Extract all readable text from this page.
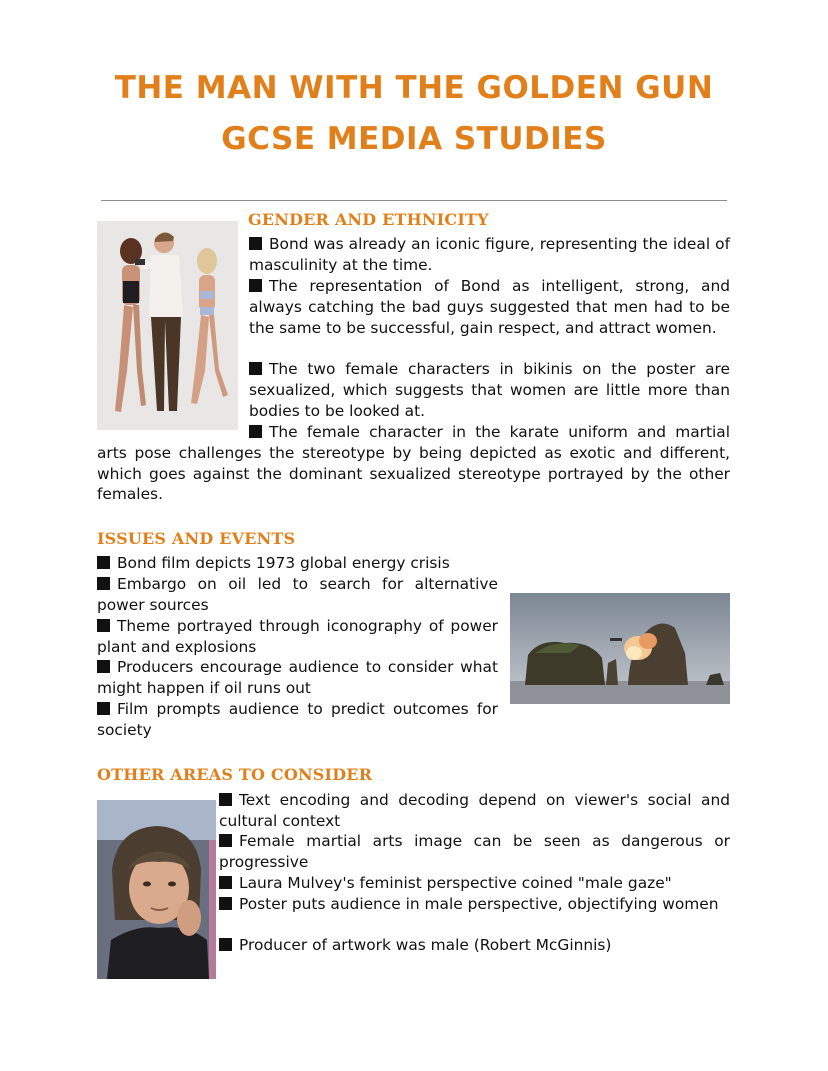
THE MAN WITH THE GOLDEN GUN
GCSE MEDIA STUDIES
GENDER AND ETHNICITY

Bond was already an iconic figure, representing the ideal of masculinity at the time.

The representation of Bond as intelligent, strong, and always catching the bad guys suggested that men had to be the same to be successful, gain respect, and attract women.

The two female characters in bikinis on the poster are sexualized, which suggests that women are little more than bodies to be looked at.

The female character in the karate uniform and martial arts pose challenges the stereotype by being depicted as exotic and different, which goes against the dominant sexualized stereotype portrayed by the other females.

ISSUES AND EVENTS

Bond film depicts 1973 global energy crisis

Embargo on oil led to search for alternative power sources

Theme portrayed through iconography of power plant and explosions

Producers encourage audience to consider what might happen if oil runs out

Film prompts audience to predict outcomes for society

OTHER AREAS TO CONSIDER

Text encoding and decoding depend on viewer's social and cultural context

Female martial arts image can be seen as dangerous or progressive

Laura Mulvey's feminist perspective coined "male gaze"

Poster puts audience in male perspective, objectifying women

Producer of artwork was male (Robert McGinnis)
